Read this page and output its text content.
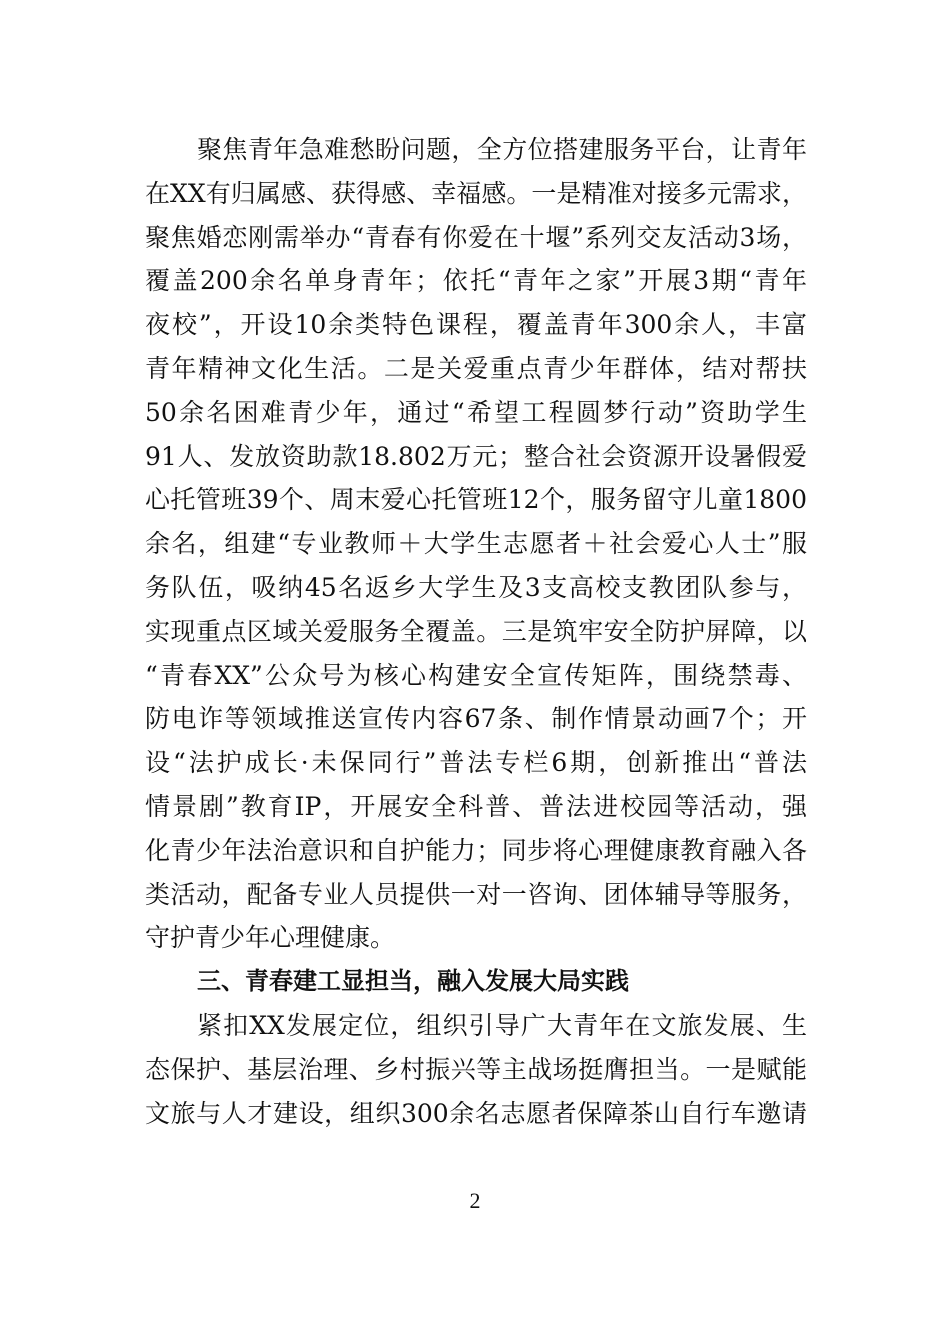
聚焦青年急难愁盼问题，全方位搭建服务平台，让青年
在XX有归属感、获得感、幸福感。一是精准对接多元需求，
聚焦婚恋刚需举办“青春有你爱在十堰”系列交友活动3场，
覆盖200余名单身青年；依托“青年之家”开展3期“青年
夜校”，开设10余类特色课程，覆盖青年300余人，丰富
青年精神文化生活。二是关爱重点青少年群体，结对帮扶
50余名困难青少年，通过“希望工程圆梦行动”资助学生
91人、发放资助款18.802万元；整合社会资源开设暑假爱
心托管班39个、周末爱心托管班12个，服务留守儿童1800
余名，组建“专业教师＋大学生志愿者＋社会爱心人士”服
务队伍，吸纳45名返乡大学生及3支高校支教团队参与，
实现重点区域关爱服务全覆盖。三是筑牢安全防护屏障，以
“青春XX”公众号为核心构建安全宣传矩阵，围绕禁毒、
防电诈等领域推送宣传内容67条、制作情景动画7个；开
设“法护成长·未保同行”普法专栏6期，创新推出“普法
情景剧”教育IP，开展安全科普、普法进校园等活动，强
化青少年法治意识和自护能力；同步将心理健康教育融入各
类活动，配备专业人员提供一对一咨询、团体辅导等服务，
守护青少年心理健康。
三、青春建工显担当，融入发展大局实践
紧扣XX发展定位，组织引导广大青年在文旅发展、生
态保护、基层治理、乡村振兴等主战场挺膺担当。一是赋能
文旅与人才建设，组织300余名志愿者保障茶山自行车邀请
2
